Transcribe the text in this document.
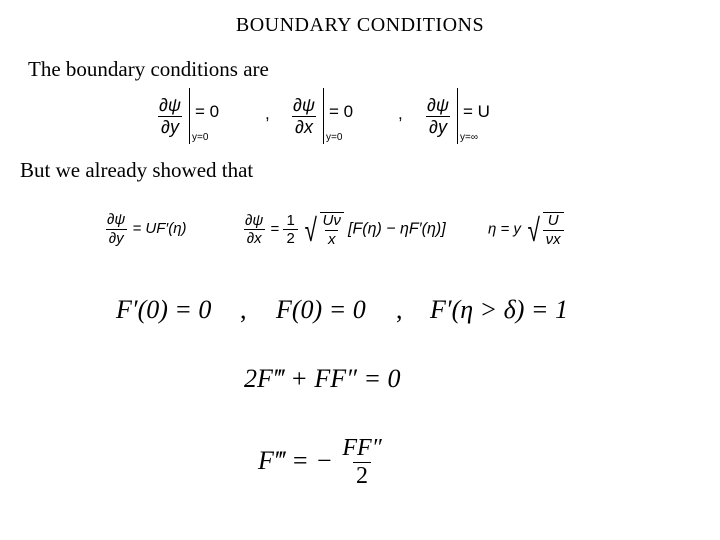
BOUNDARY CONDITIONS
The boundary conditions are
$\frac{\partial\psi}{\partial y} = 0$
y=0
, $\frac{\partial\psi}{\partial x} = 0$
y=0
, $\frac{\partial\psi}{\partial y} = U$
y=∞
But we already showed that
$\frac{\partial\psi}{\partial y} = UF'(\eta)$	$\frac{\partial\psi}{\partial x} = \frac{1}{2}$
√ $\frac{U\nu}{x} [F(\eta) - \eta F'(\eta)]$	η = y √ $\frac{U}{\nu x}$
F′(0) = 0 , F(0) = 0 , F′(η > δ) = 1
2F‴ + FF″ = 0
F‴ = − $\frac{FF''}{2}$
